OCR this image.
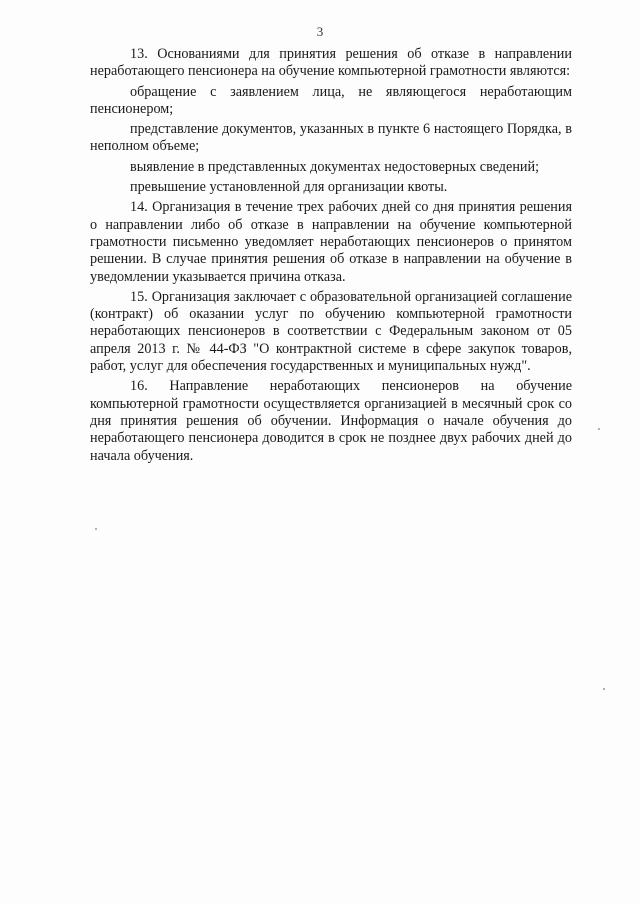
3

13. Основаниями для принятия решения об отказе в направлении неработающего пенсионера на обучение компьютерной грамотности являются:

обращение с заявлением лица, не являющегося неработающим пенсионером;

представление документов, указанных в пункте 6 настоящего Порядка, в неполном объеме;

выявление в представленных документах недостоверных сведений;

превышение установленной для организации квоты.

14. Организация в течение трех рабочих дней со дня принятия решения о направлении либо об отказе в направлении на обучение компьютерной грамотности письменно уведомляет неработающих пенсионеров о принятом решении. В случае принятия решения об отказе в направлении на обучение в уведомлении указывается причина отказа.

15. Организация заключает с образовательной организацией соглашение (контракт) об оказании услуг по обучению компьютерной грамотности неработающих пенсионеров в соответствии с Федеральным законом от 05 апреля 2013 г. № 44-ФЗ "О контрактной системе в сфере закупок товаров, работ, услуг для обеспечения государственных и муниципальных нужд".

16. Направление неработающих пенсионеров на обучение компьютерной грамотности осуществляется организацией в месячный срок со дня принятия решения об обучении. Информация о начале обучения до неработающего пенсионера доводится в срок не позднее двух рабочих дней до начала обучения.
